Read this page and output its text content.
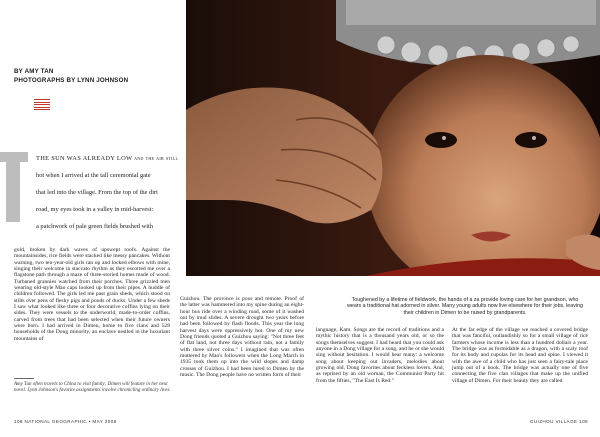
BY AMY TAN
PHOTOGRAPHS BY LYNN JOHNSON
THE SUN WAS ALREADY LOW and the air still
hot when I arrived at the tall ceremonial gate
that led into the village. From the top of the dirt
road, my eyes took in a valley in mid-harvest:
a patchwork of pale green fields brushed with

gold, broken by dark waves of upswept roofs. Against the mountainsides, rice fields were stacked like messy pancakes. Without warning, two ten-year-old girls ran up and locked elbows with mine, singing their welcome in staccato rhythm as they escorted me over a flagstone path through a maze of three-storied homes made of wood. Turbaned grannies watched from their porches. Three grizzled men wearing old-style Mao caps looked up from their pipes. A huddle of children followed. The girls led me past grain sheds, which stood on stilts over pens of fleshy pigs and ponds of ducks. Under a few sheds I saw what looked like three or four decorative coffins lying on their sides. They were vessels to the underworld, made-to-order coffins, carved from trees that had been selected when their future owners were born. I had arrived in Dimen, home to five clans and 528 households of the Dong minority, an enclave nestled in the luxuriant mountains of

Guizhou. The province is poor and remote. Proof of the latter was hammered into my spine during an eight-hour bus ride over a winding road, some of it washed out by mud slides. A severe drought two years before had been followed by flash floods. This year the long harvest days were oppressively hot. One of my new Dong friends quoted a Guizhou saying: "Not three feet of flat land, not three days without rain, not a family with three silver coins." I imagined that was often muttered by Mao's followers when the Long March in 1935 took them up into the wild slopes and damp crosses of Guizhou. I had been lured to Dimen by the music. The Dong people have no written form of their

Toughened by a lifetime of fieldwork, the hands of a za provide loving care for her grandson, who wears a traditional hat adorned in silver. Many young adults now live elsewhere for their jobs, leaving their children in Dimen to be raised by grandparents.

language, Kam. Songs are the record of traditions and a mythic history that is a thousand years old, or so the songs themselves suggest. I had heard that you could ask anyone in a Dong village for a song, and he or she would sing without hesitation. I would hear many: a welcome song about keeping out invaders, melodies about growing old, Dong favorites about feckless lovers. And, as reprised by an old woman, the Communist Party hit from the fifties, "The East Is Red."

At the far edge of the village we reached a covered bridge that was fanciful, outlandishly so for a small village of rice farmers whose income is less than a hundred dollars a year. The bridge was as formidable as a dragon, with a scaly roof for its body and cupolas for its head and spine. I viewed it with the awe of a child who has just seen a fairy-tale place jump out of a book. The bridge was actually one of five connecting the five clan villages that make up the unified village of Dimen. For their beauty they are called

Amy Tan often travels to China to visit family; Dimen will feature in her next novel. Lynn Johnson's favorite assignments involve chronicling ordinary lives.
108 NATIONAL GEOGRAPHIC • MAY 2008	GUIZHOU VILLAGE 109
